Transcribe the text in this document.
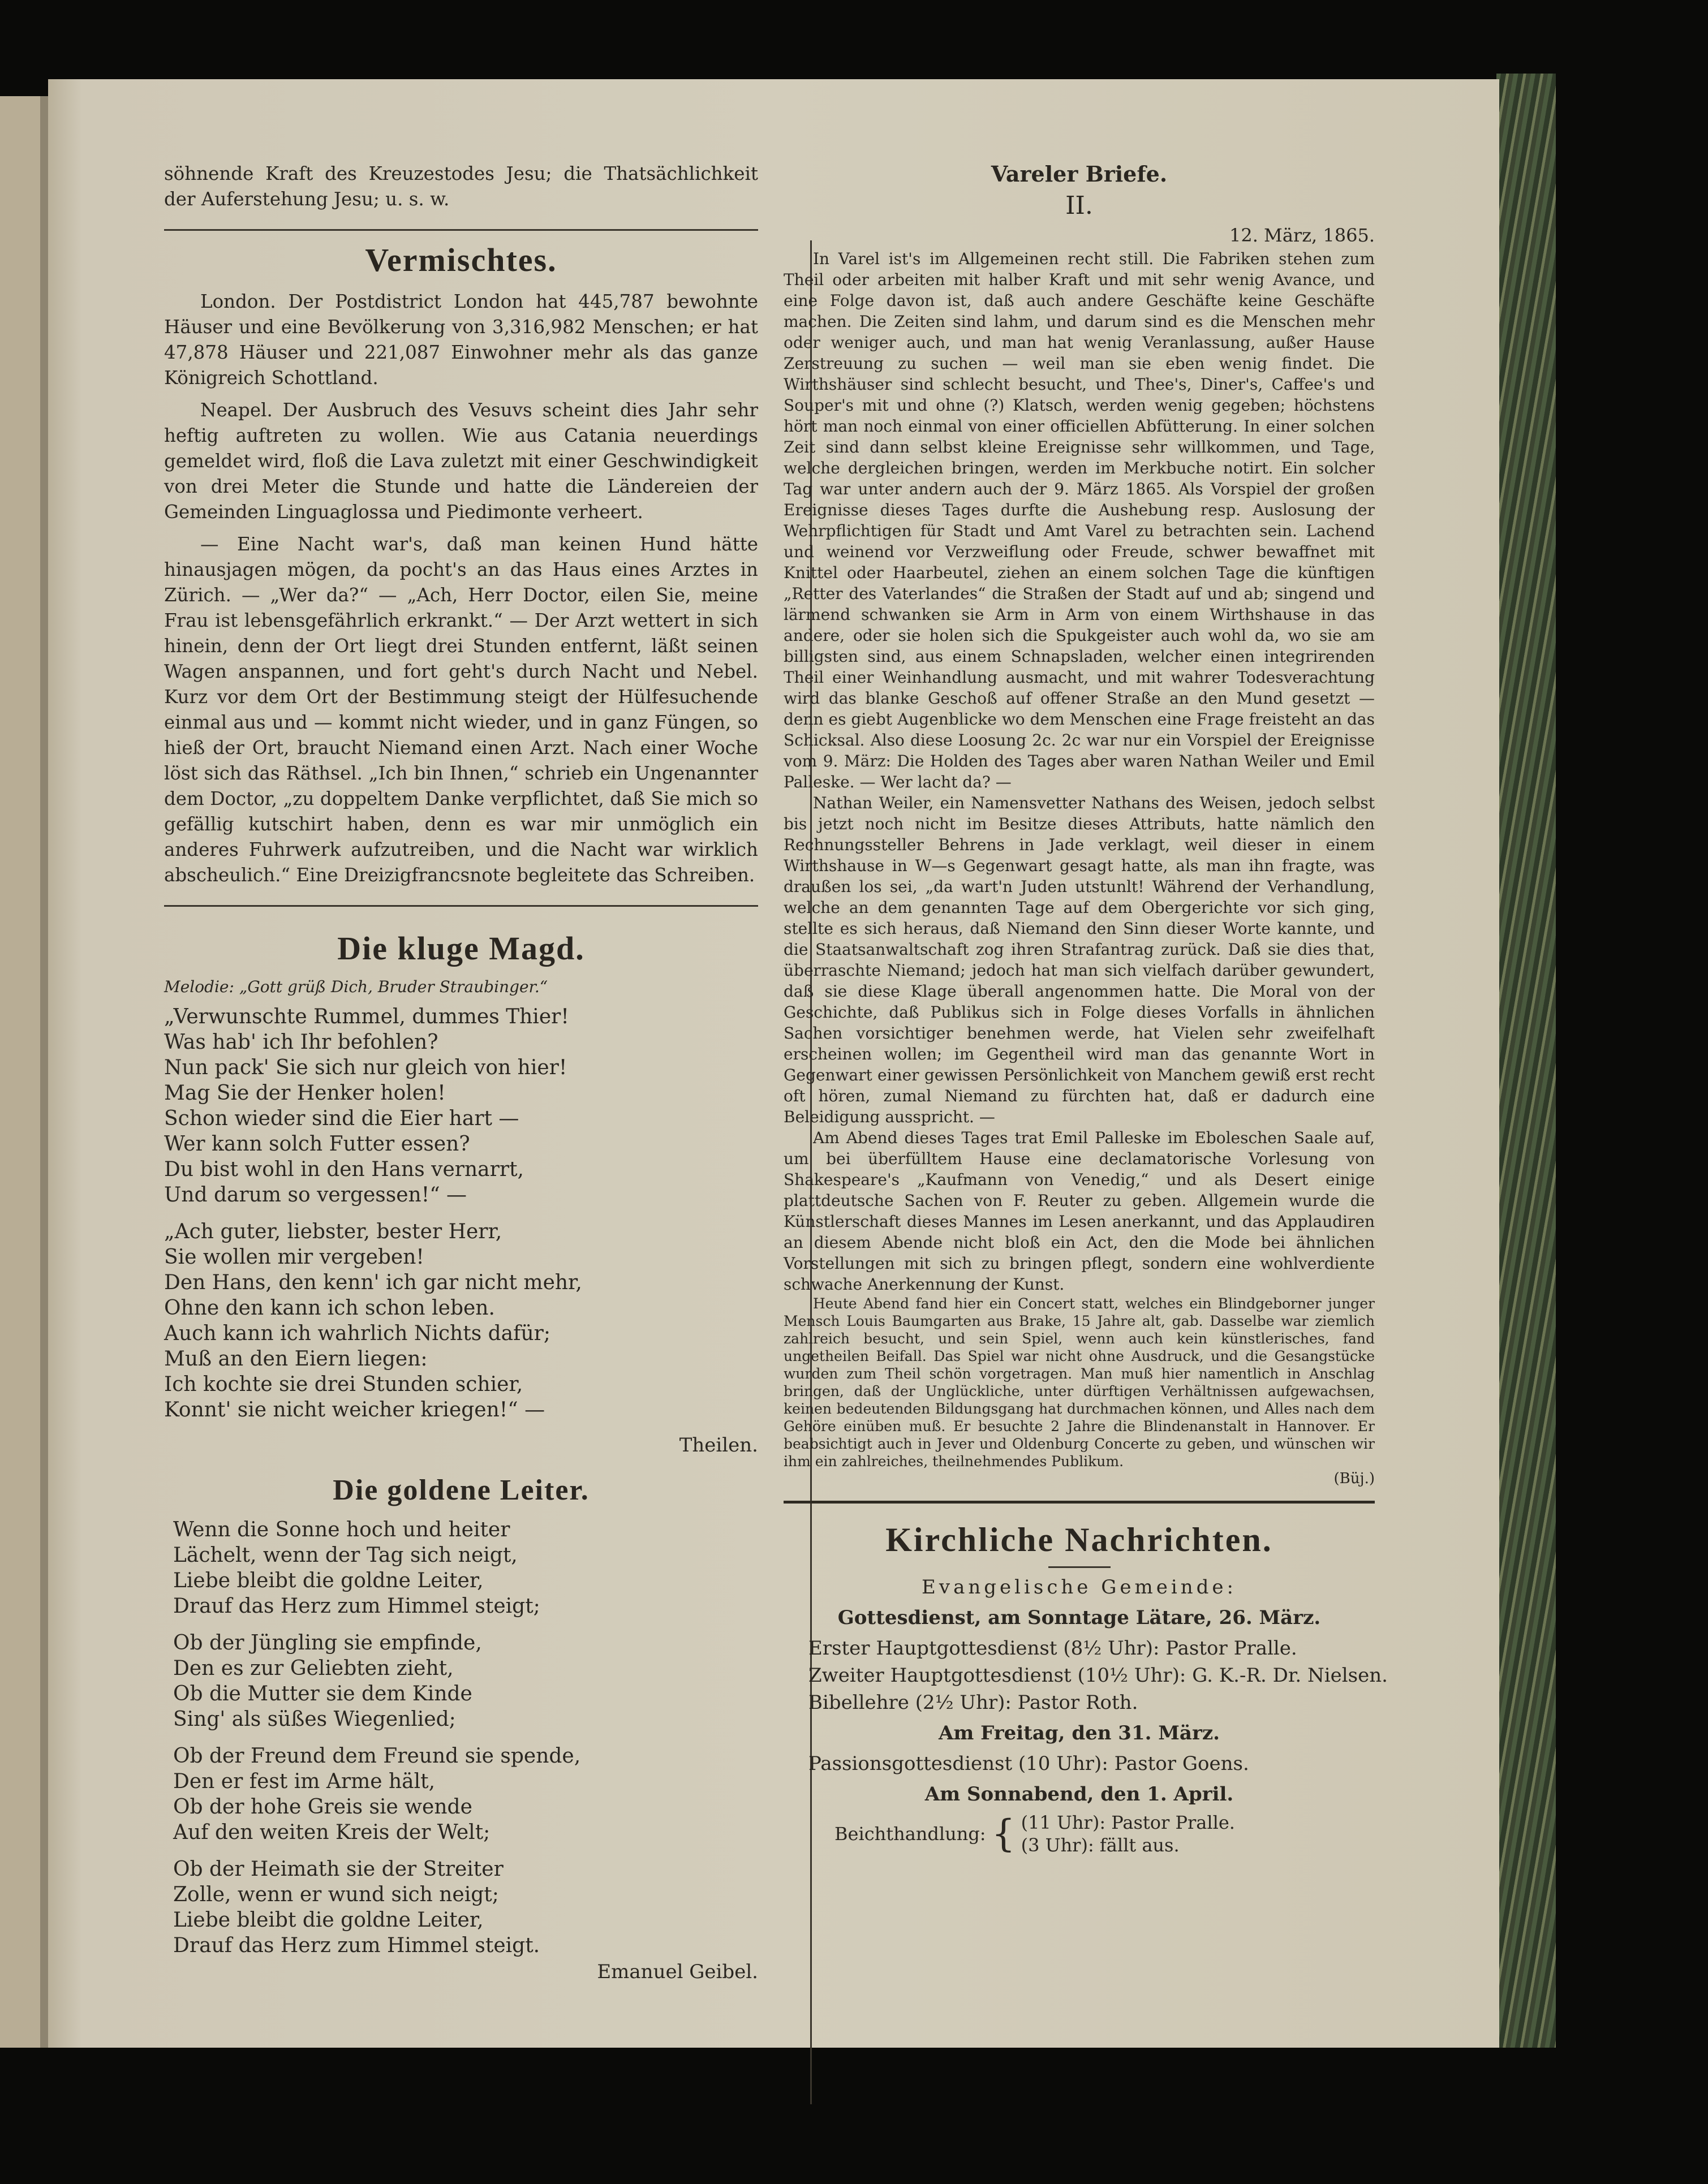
söhnende Kraft des Kreuzestodes Jesu; die Thatsächlichkeit der Auferstehung Jesu; u. s. w.

Vermischtes.

London. Der Postdistrict London hat 445,787 bewohnte Häuser und eine Bevölkerung von 3,316,982 Menschen; er hat 47,878 Häuser und 221,087 Einwohner mehr als das ganze Königreich Schottland.

Neapel. Der Ausbruch des Vesuvs scheint dies Jahr sehr heftig auftreten zu wollen. Wie aus Catania neuerdings gemeldet wird, floß die Lava zuletzt mit einer Geschwindigkeit von drei Meter die Stunde und hatte die Ländereien der Gemeinden Linguaglossa und Piedimonte verheert.

— Eine Nacht war's, daß man keinen Hund hätte hinausjagen mögen, da pocht's an das Haus eines Arztes in Zürich. — „Wer da?“ — „Ach, Herr Doctor, eilen Sie, meine Frau ist lebensgefährlich erkrankt.“ — Der Arzt wettert in sich hinein, denn der Ort liegt drei Stunden entfernt, läßt seinen Wagen anspannen, und fort geht's durch Nacht und Nebel. Kurz vor dem Ort der Bestimmung steigt der Hülfesuchende einmal aus und — kommt nicht wieder, und in ganz Füngen, so hieß der Ort, braucht Niemand einen Arzt. Nach einer Woche löst sich das Räthsel. „Ich bin Ihnen,“ schrieb ein Ungenannter dem Doctor, „zu doppeltem Danke verpflichtet, daß Sie mich so gefällig kutschirt haben, denn es war mir unmöglich ein anderes Fuhrwerk aufzutreiben, und die Nacht war wirklich abscheulich.“ Eine Dreizigfrancsnote begleitete das Schreiben.

Die kluge Magd.
Melodie: „Gott grüß Dich, Bruder Straubinger.“
„Verwunschte Rummel, dummes Thier!
Was hab' ich Ihr befohlen?
Nun pack' Sie sich nur gleich von hier!
Mag Sie der Henker holen!
Schon wieder sind die Eier hart —
Wer kann solch Futter essen?
Du bist wohl in den Hans vernarrt,
Und darum so vergessen!“ —
„Ach guter, liebster, bester Herr,
Sie wollen mir vergeben!
Den Hans, den kenn' ich gar nicht mehr,
Ohne den kann ich schon leben.
Auch kann ich wahrlich Nichts dafür;
Muß an den Eiern liegen:
Ich kochte sie drei Stunden schier,
Konnt' sie nicht weicher kriegen!“ —
Theilen.
Die goldene Leiter.
Wenn die Sonne hoch und heiter
Lächelt, wenn der Tag sich neigt,
Liebe bleibt die goldne Leiter,
Drauf das Herz zum Himmel steigt;
Ob der Jüngling sie empfinde,
Den es zur Geliebten zieht,
Ob die Mutter sie dem Kinde
Sing' als süßes Wiegenlied;
Ob der Freund dem Freund sie spende,
Den er fest im Arme hält,
Ob der hohe Greis sie wende
Auf den weiten Kreis der Welt;
Ob der Heimath sie der Streiter
Zolle, wenn er wund sich neigt;
Liebe bleibt die goldne Leiter,
Drauf das Herz zum Himmel steigt.
Emanuel Geibel.
Vareler Briefe.
II.
12. März, 1865.

In Varel ist's im Allgemeinen recht still. Die Fabriken stehen zum Theil oder arbeiten mit halber Kraft und mit sehr wenig Avance, und eine Folge davon ist, daß auch andere Geschäfte keine Geschäfte machen. Die Zeiten sind lahm, und darum sind es die Menschen mehr oder weniger auch, und man hat wenig Veranlassung, außer Hause Zerstreuung zu suchen — weil man sie eben wenig findet. Die Wirthshäuser sind schlecht besucht, und Thee's, Diner's, Caffee's und Souper's mit und ohne (?) Klatsch, werden wenig gegeben; höchstens hört man noch einmal von einer officiellen Abfütterung. In einer solchen Zeit sind dann selbst kleine Ereignisse sehr willkommen, und Tage, welche dergleichen bringen, werden im Merkbuche notirt. Ein solcher Tag war unter andern auch der 9. März 1865. Als Vorspiel der großen Ereignisse dieses Tages durfte die Aushebung resp. Auslosung der Wehrpflichtigen für Stadt und Amt Varel zu betrachten sein. Lachend und weinend vor Verzweiflung oder Freude, schwer bewaffnet mit Knittel oder Haarbeutel, ziehen an einem solchen Tage die künftigen „Retter des Vaterlandes“ die Straßen der Stadt auf und ab; singend und lärmend schwanken sie Arm in Arm von einem Wirthshause in das andere, oder sie holen sich die Spukgeister auch wohl da, wo sie am billigsten sind, aus einem Schnapsladen, welcher einen integrirenden Theil einer Weinhandlung ausmacht, und mit wahrer Todesverachtung wird das blanke Geschoß auf offener Straße an den Mund gesetzt — denn es giebt Augenblicke wo dem Menschen eine Frage freisteht an das Schicksal. Also diese Loosung 2c. 2c war nur ein Vorspiel der Ereignisse vom 9. März: Die Holden des Tages aber waren Nathan Weiler und Emil Palleske. — Wer lacht da? —

Nathan Weiler, ein Namensvetter Nathans des Weisen, jedoch selbst bis jetzt noch nicht im Besitze dieses Attributs, hatte nämlich den Rechnungssteller Behrens in Jade verklagt, weil dieser in einem Wirthshause in W—s Gegenwart gesagt hatte, als man ihn fragte, was draußen los sei, „da wart'n Juden utstunlt! Während der Verhandlung, welche an dem genannten Tage auf dem Obergerichte vor sich ging, stellte es sich heraus, daß Niemand den Sinn dieser Worte kannte, und die Staatsanwaltschaft zog ihren Strafantrag zurück. Daß sie dies that, überraschte Niemand; jedoch hat man sich vielfach darüber gewundert, daß sie diese Klage überall angenommen hatte. Die Moral von der Geschichte, daß Publikus sich in Folge dieses Vorfalls in ähnlichen Sachen vorsichtiger benehmen werde, hat Vielen sehr zweifelhaft erscheinen wollen; im Gegentheil wird man das genannte Wort in Gegenwart einer gewissen Persönlichkeit von Manchem gewiß erst recht oft hören, zumal Niemand zu fürchten hat, daß er dadurch eine Beleidigung ausspricht. —

Am Abend dieses Tages trat Emil Palleske im Eboleschen Saale auf, um bei überfülltem Hause eine declamatorische Vorlesung von Shakespeare's „Kaufmann von Venedig,“ und als Desert einige plattdeutsche Sachen von F. Reuter zu geben. Allgemein wurde die Künstlerschaft dieses Mannes im Lesen anerkannt, und das Applaudiren an diesem Abende nicht bloß ein Act, den die Mode bei ähnlichen Vorstellungen mit sich zu bringen pflegt, sondern eine wohlverdiente schwache Anerkennung der Kunst.

Heute Abend fand hier ein Concert statt, welches ein Blindgeborner junger Mensch Louis Baumgarten aus Brake, 15 Jahre alt, gab. Dasselbe war ziemlich zahlreich besucht, und sein Spiel, wenn auch kein künstlerisches, fand ungetheilen Beifall. Das Spiel war nicht ohne Ausdruck, und die Gesangstücke wurden zum Theil schön vorgetragen. Man muß hier namentlich in Anschlag bringen, daß der Unglückliche, unter dürftigen Verhältnissen aufgewachsen, keinen bedeutenden Bildungsgang hat durchmachen können, und Alles nach dem Gehöre einüben muß. Er besuchte 2 Jahre die Blindenanstalt in Hannover. Er beabsichtigt auch in Jever und Oldenburg Concerte zu geben, und wünschen wir ihm ein zahlreiches, theilnehmendes Publikum.

(Büj.)
Kirchliche Nachrichten.
Evangelische Gemeinde:
Gottesdienst, am Sonntage Lätare, 26. März.
Erster Hauptgottesdienst (8½ Uhr): Pastor Pralle.
Zweiter Hauptgottesdienst (10½ Uhr): G. K.-R. Dr. Nielsen.
Bibellehre (2½ Uhr): Pastor Roth.
Am Freitag, den 31. März.
Passionsgottesdienst (10 Uhr): Pastor Goens.
Am Sonnabend, den 1. April.
Beichthandlung: { (11 Uhr): Pastor Pralle.
(3 Uhr): fällt aus.
